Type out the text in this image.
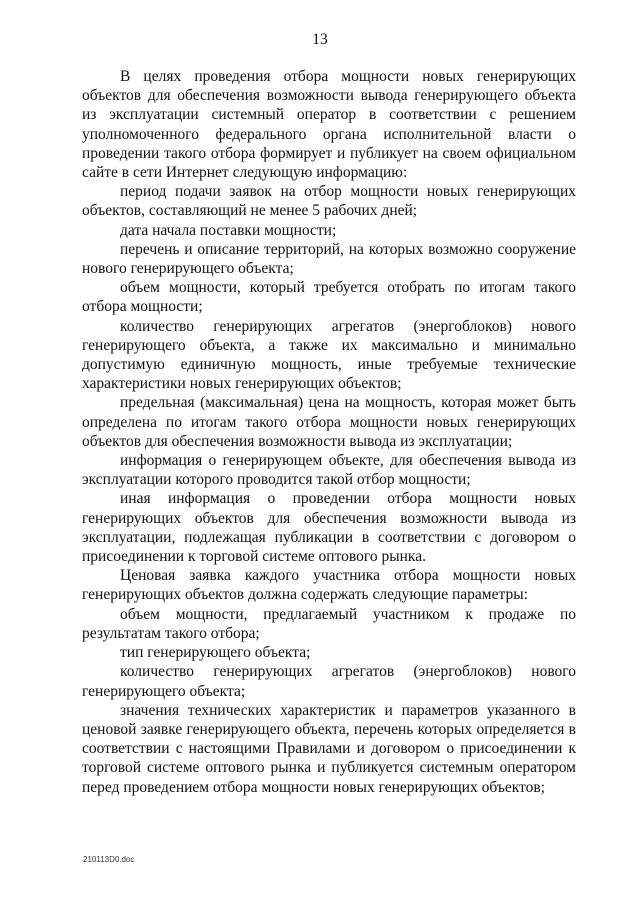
13

В целях проведения отбора мощности новых генерирующих объектов для обеспечения возможности вывода генерирующего объекта из эксплуатации системный оператор в соответствии с решением уполномоченного федерального органа исполнительной власти о проведении такого отбора формирует и публикует на своем официальном сайте в сети Интернет следующую информацию:

период подачи заявок на отбор мощности новых генерирующих объектов, составляющий не менее 5 рабочих дней;

дата начала поставки мощности;

перечень и описание территорий, на которых возможно сооружение нового генерирующего объекта;

объем мощности, который требуется отобрать по итогам такого отбора мощности;

количество генерирующих агрегатов (энергоблоков) нового генерирующего объекта, а также их максимально и минимально допустимую единичную мощность, иные требуемые технические характеристики новых генерирующих объектов;

предельная (максимальная) цена на мощность, которая может быть определена по итогам такого отбора мощности новых генерирующих объектов для обеспечения возможности вывода из эксплуатации;

информация о генерирующем объекте, для обеспечения вывода из эксплуатации которого проводится такой отбор мощности;

иная информация о проведении отбора мощности новых генерирующих объектов для обеспечения возможности вывода из эксплуатации, подлежащая публикации в соответствии с договором о присоединении к торговой системе оптового рынка.

Ценовая заявка каждого участника отбора мощности новых генерирующих объектов должна содержать следующие параметры:

объем мощности, предлагаемый участником к продаже по результатам такого отбора;

тип генерирующего объекта;

количество генерирующих агрегатов (энергоблоков) нового генерирующего объекта;

значения технических характеристик и параметров указанного в ценовой заявке генерирующего объекта, перечень которых определяется в соответствии с настоящими Правилами и договором о присоединении к торговой системе оптового рынка и публикуется системным оператором перед проведением отбора мощности новых генерирующих объектов;

210113D0.doc
